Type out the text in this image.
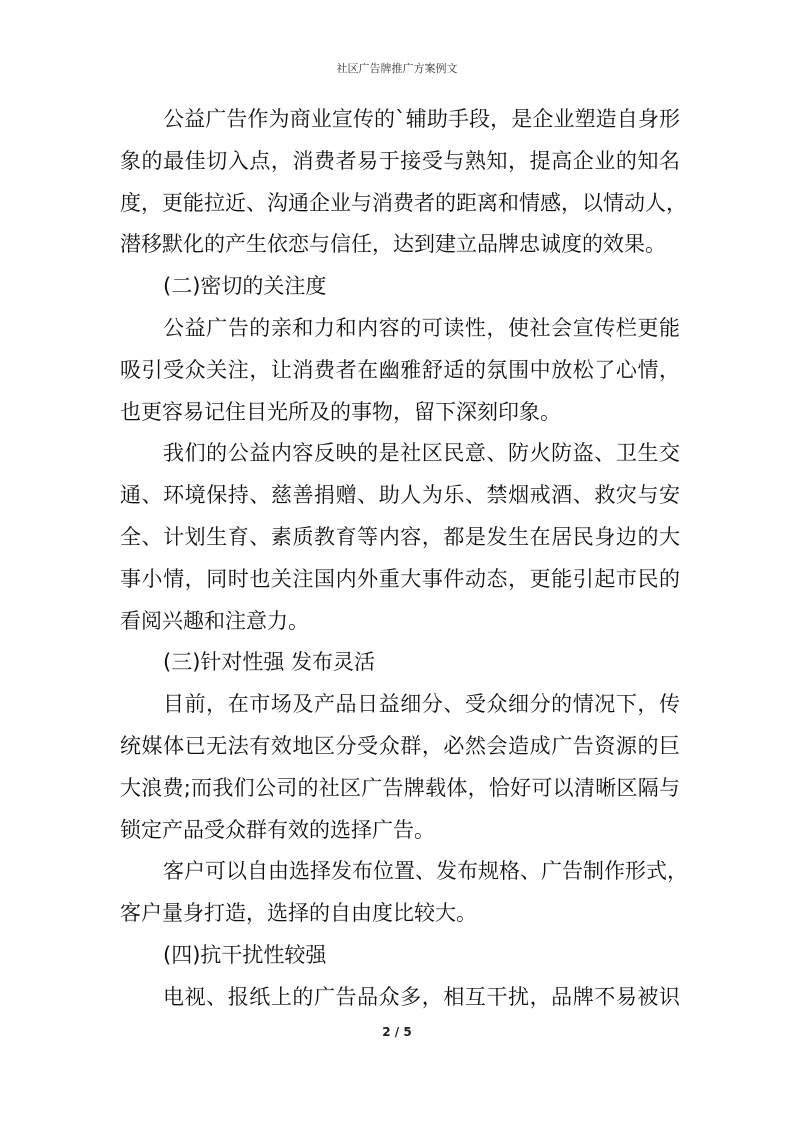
社区广告牌推广方案例文
公益广告作为商业宣传的`辅助手段，是企业塑造自身形
象的最佳切入点，消费者易于接受与熟知，提高企业的知名
度，更能拉近、沟通企业与消费者的距离和情感，以情动人，
潜移默化的产生依恋与信任，达到建立品牌忠诚度的效果。
(二)密切的关注度
公益广告的亲和力和内容的可读性，使社会宣传栏更能
吸引受众关注，让消费者在幽雅舒适的氛围中放松了心情，
也更容易记住目光所及的事物，留下深刻印象。
我们的公益内容反映的是社区民意、防火防盗、卫生交
通、环境保持、慈善捐赠、助人为乐、禁烟戒酒、救灾与安
全、计划生育、素质教育等内容，都是发生在居民身边的大
事小情，同时也关注国内外重大事件动态，更能引起市民的
看阅兴趣和注意力。
(三)针对性强 发布灵活
目前，在市场及产品日益细分、受众细分的情况下，传
统媒体已无法有效地区分受众群，必然会造成广告资源的巨
大浪费;而我们公司的社区广告牌载体，恰好可以清晰区隔与
锁定产品受众群有效的选择广告。
客户可以自由选择发布位置、发布规格、广告制作形式，
客户量身打造，选择的自由度比较大。
(四)抗干扰性较强
电视、报纸上的广告品众多，相互干扰，品牌不易被识
2 / 5
